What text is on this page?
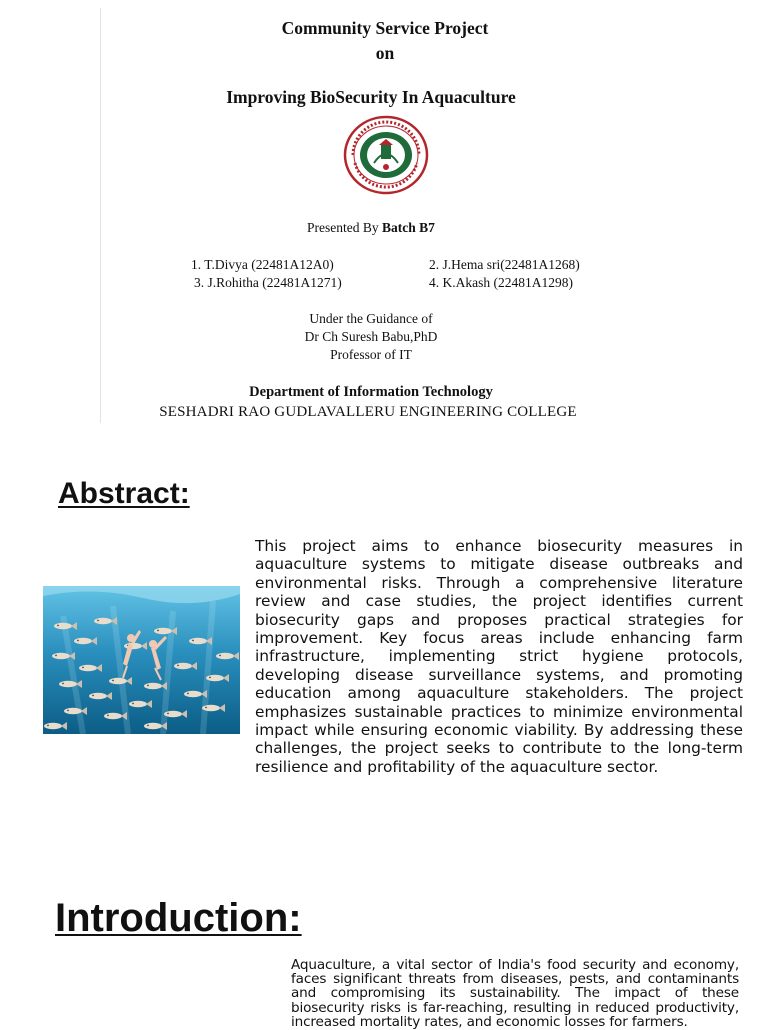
Community Service Project
on
Improving BioSecurity In Aquaculture
Presented By Batch B7
1. T.Divya (22481A12A0)	2. J.Hema sri(22481A1268)
3. J.Rohitha (22481A1271)	4. K.Akash (22481A1298)
Under the Guidance of
Dr Ch Suresh Babu,PhD
Professor of IT
Department of Information Technology
SESHADRI RAO GUDLAVALLERU ENGINEERING COLLEGE
Abstract:

This project aims to enhance biosecurity measures in aquaculture systems to mitigate disease outbreaks and environmental risks. Through a comprehensive literature review and case studies, the project identifies current biosecurity gaps and proposes practical strategies for improvement. Key focus areas include enhancing farm infrastructure, implementing strict hygiene protocols, developing disease surveillance systems, and promoting education among aquaculture stakeholders. The project emphasizes sustainable practices to minimize environmental impact while ensuring economic viability. By addressing these challenges, the project seeks to contribute to the long-term resilience and profitability of the aquaculture sector.

Introduction:

Aquaculture, a vital sector of India's food security and economy, faces significant threats from diseases, pests, and contaminants and compromising its sustainability. The impact of these biosecurity risks is far-reaching, resulting in reduced productivity, increased mortality rates, and economic losses for farmers.
